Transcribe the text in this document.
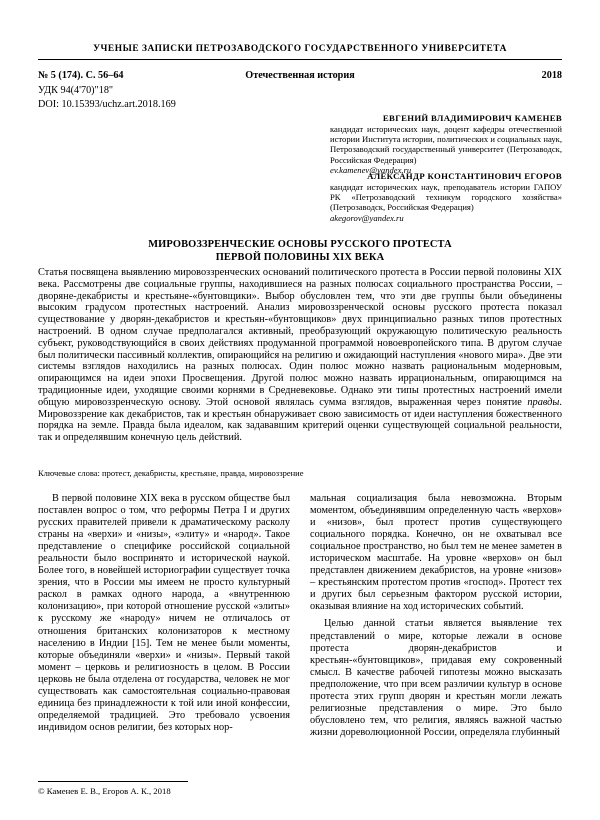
УЧЕНЫЕ ЗАПИСКИ ПЕТРОЗАВОДСКОГО ГОСУДАРСТВЕННОГО УНИВЕРСИТЕТА
№ 5 (174). С. 56–64	Отечественная история	2018
УДК 94(4'70)"18"
DOI: 10.15393/uchz.art.2018.169
ЕВГЕНИЙ ВЛАДИМИРОВИЧ КАМЕНЕВ
кандидат исторических наук, доцент кафедры отечественной истории Института истории, политических и социальных наук, Петрозаводский государственный университет (Петрозаводск, Российская Федерация)
ev.kamenev@yandex.ru
АЛЕКСАНДР КОНСТАНТИНОВИЧ ЕГОРОВ
кандидат исторических наук, преподаватель истории ГАПОУ РК «Петрозаводский техникум городского хозяйства» (Петрозаводск, Российская Федерация)
akegorov@yandex.ru
МИРОВОЗЗРЕНЧЕСКИЕ ОСНОВЫ РУССКОГО ПРОТЕСТА
ПЕРВОЙ ПОЛОВИНЫ XIX ВЕКА
Статья посвящена выявлению мировоззренческих оснований политического протеста в России первой половины XIX века. Рассмотрены две социальные группы, находившиеся на разных полюсах социального пространства России, – дворяне-декабристы и крестьяне-«бунтовщики». Выбор обусловлен тем, что эти две группы были объединены высоким градусом протестных настроений. Анализ мировоззренческой основы русского протеста показал существование у дворян-декабристов и крестьян-«бунтовщиков» двух принципиально разных типов протестных настроений. В одном случае предполагался активный, преобразующий окружающую политическую реальность субъект, руководствующийся в своих действиях продуманной программой новоевропейского типа. В другом случае был политически пассивный коллектив, опирающийся на религию и ожидающий наступления «нового мира». Две эти системы взглядов находились на разных полюсах. Один полюс можно назвать рациональным модерновым, опирающимся на идеи эпохи Просвещения. Другой полюс можно назвать иррациональным, опирающимся на традиционные идеи, уходящие своими корнями в Средневековье. Однако эти типы протестных настроений имели общую мировоззренческую основу. Этой основой являлась сумма взглядов, выраженная через понятие правды. Мировоззрение как декабристов, так и крестьян обнаруживает свою зависимость от идеи наступления божественного порядка на земле. Правда была идеалом, как задававшим критерий оценки существующей социальной реальности, так и определявшим конечную цель действий.
Ключевые слова: протест, декабристы, крестьяне, правда, мировоззрение

В первой половине XIX века в русском обществе был поставлен вопрос о том, что реформы Петра I и других русских правителей привели к драматическому расколу страны на «верхи» и «низы», «элиту» и «народ». Такое представление о специфике российской социальной реальности было воспринято и исторической наукой. Более того, в новейшей историографии существует точка зрения, что в России мы имеем не просто культурный раскол в рамках одного народа, а «внутреннюю колонизацию», при которой отношение русской «элиты» к русскому же «народу» ничем не отличалось от отношения британских колонизаторов к местному населению в Индии [15]. Тем не менее были моменты, которые объединяли «верхи» и «низы». Первый такой момент – церковь и религиозность в целом. В России церковь не была отделена от государства, человек не мог существовать как самостоятельная социально-правовая единица без принадлежности к той или иной конфессии, определяемой традицией. Это требовало усвоения индивидом основ религии, без которых нор-

мальная социализация была невозможна. Вторым моментом, объединявшим определенную часть «верхов» и «низов», был протест против существующего социального порядка. Конечно, он не охватывал все социальное пространство, но был тем не менее заметен в историческом масштабе. На уровне «верхов» он был представлен движением декабристов, на уровне «низов» – крестьянским протестом против «господ». Протест тех и других был серьезным фактором русской истории, оказывая влияние на ход исторических событий.

Целью данной статьи является выявление тех представлений о мире, которые лежали в основе протеста дворян-декабристов и крестьян-«бунтовщиков», придавая ему сокровенный смысл. В качестве рабочей гипотезы можно высказать предположение, что при всем различии культур в основе протеста этих групп дворян и крестьян могли лежать религиозные представления о мире. Это было обусловлено тем, что религия, являясь важной частью жизни дореволюционной России, определяла глубинный

© Каменев Е. В., Егоров А. К., 2018
